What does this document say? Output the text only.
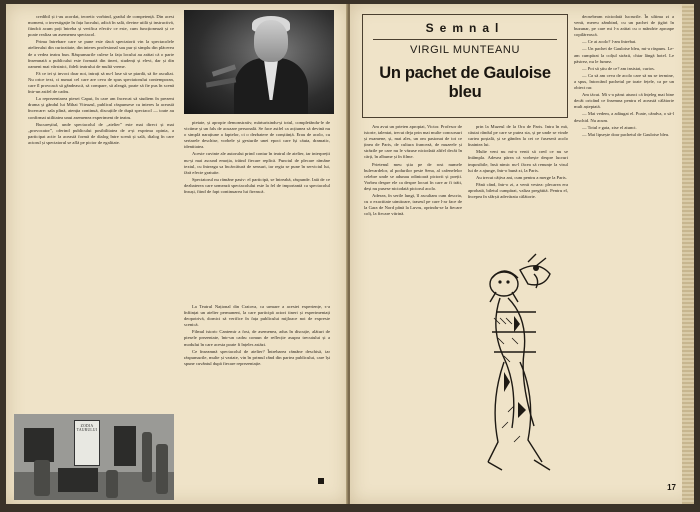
credibil și i-au acordat, teoretic vorbind, gradul de competență. Din acest moment, o investigație în fața lucrului, adică în sală, devine utilă și instructivă, fiindcă acum poți întreba și verifica efectiv ce este, cum funcționează și ce poate realiza un asemenea spectacol.

Prima întrebare care se pune este dacă spectatorii vin la spectacolele atelierului din curiozitate, din interes profesional sau pur și simplu din plăcerea de a vedea teatru bun. Răspunsurile culese la fața locului au arătat că o parte însemnată a publicului este formată din tineri, studenți și elevi, dar și din oameni mai vârstnici, fideli teatrului de multă vreme.

Fă ce iei și invoci doar noi, intrați să nu-l lase să se piardă, să fie ascultat. Nu orice text, ci numai cel care are ceva de spus spectatorului contemporan, care îl provoacă să gândească, să compare, să aleagă, poate să fie pus în scenă într-un astfel de cadru.

La reprezentarea piesei Caput, în care am încercat să studiem în prezent drama și gândul lui Mihai Viteazul, publicul răspunsese cu interes la această încercare: sala plină, atenția continuă, discuțiile de după spectacol — toate au confirmat utilitatea unui asemenea experiment de teatru.

Bucureștiul, unde spectacolul de „atelier” este mai direct și mai „provocator”, oferind publicului posibilitatea de a-și exprima opinia, a participat activ la această formă de dialog între scenă și sală, dialog în care actorul și spectatorul se află pe picior de egalitate.

pietate, și apropie demonstrativ, mărturisindu-și totul, completându-le de victime și un fals de acuzare personală. Se face astfel ca acțiunea să devină nu o simplă narațiune a faptelor, ci o dezbatere de conștiință. Erau de acolo, cu sertarele deschise, vorbele și gesturile unei epoci care își căuta, dramatic, identitatea.

Aceste cuvinte ale autorului prind contur în teatrul de atelier, iar interpreții nu-și mai ascund emoția, trăind fiecare replică. Punctul de plecare rămâne textul, cu întreaga sa încărcătură de sensuri, iar regia se pune în serviciul lui, fără efecte gratuite.

Spectatorul nu rămâne pasiv: el participă, se întreabă, răspunde. Iată de ce dezbaterea care urmează spectacolului este la fel de importantă ca spectacolul însuși, fiind de fapt continuarea lui firească.

La Teatrul Național din Craiova, ca urmare a acestei experiențe, s-a înființat un atelier permanent, la care participă actori tineri și experimentați deopotrivă, dornici să verifice în fața publicului mijloace noi de expresie scenică.

Filmul istoric Cantemir a fost, de asemenea, adus în discuție, alături de piesele prezentate, într-un cadru comun de reflecție asupra trecutului și a modului în care acesta poate fi înțeles astăzi.

Ce înseamnă spectacolul de atelier? Întrebarea rămâne deschisă, iar răspunsurile, multe și variate, vin în primul rând din partea publicului, care își spune cuvântul după fiecare reprezentație.

ZODIA TAURULUI
Semnal
VIRGIL MUNTEANU
Un pachet de Gauloise bleu

Am avut un prieten apropiat, Victor. Profesor de istorie, talentat, trecut deja prin mai multe concursuri și examene, și, mai ales, un om pasionat de tot ce ținea de Paris, de cultura franceză, de muzeele și străzile pe care nu le văzuse niciodată altfel decât în cărți, în albume și în filme.

Prietenul meu știa pe de rost numele bulevardelor, al podurilor peste Sena, al cafenelelor celebre unde se adunau odinioară pictorii și poeții. Vorbea despre ele ca despre locuri în care ar fi trăit, deși nu pusese niciodată piciorul acolo.

Adesea, în serile lungi, îl ascultam cum descria, cu o exactitate uimitoare, traseul pe care l-ar face de la Gara de Nord până la Luvru, oprindu-se la fiecare colț, la fiecare vitrină.

prin la Muzeul de la Ora de Paris. Intra în mă, căutai rândul pe care se putea sta, și pe unde se vinde cartea poștală, și se gândea la cei ce fuseseră acolo înaintea lui.

Multe veni nu mi-a venit să cred ce nu se întâmpla. Adesea părea că vorbește despre lucruri imposibile, însă nimic nu-l făcea să renunțe la visul lui de a ajunge, într-o bună zi, la Paris.

Au trecut câțiva ani, cum pentru a merge la Paris.

Până când, într-o zi, a venit vestea: plecarea era aprobată, biletul cumpărat, valiza pregătită. Pentru el, începea în sfârșit adevărata călătorie.

deosebeam niciodată lucrurile. În ultima zi a venit, mereu zâmbind, cu un pachet de țigări în buzunar, pe care mi l-a arătat cu o mândrie aproape copilărească.

— Ce ai acolo? l-am întrebat.

— Un pachet de Gauloise bleu, mi-a răspuns. Le-am cumpărat la colțul străzii, chiar lângă hotel. Le păstrez, nu le fumez.

— Pot să știu de ce? am insistat, curios.

— Ca să am ceva de acolo care să nu se termine, a spus, întorcând pachetul pe toate fețele, ca pe un obiect rar.

Am tăcut. Mi s-a părut atunci că înțeleg mai bine decât oricând ce însemna pentru el această călătorie mult așteptată.

— Mai vedem, a adăugat el. Poate, cândva, o să-l deschid. Nu acum.

— Totul e gata, zise el atunci.

— Mai lipsește doar pachetul de Gauloise bleu.

17
